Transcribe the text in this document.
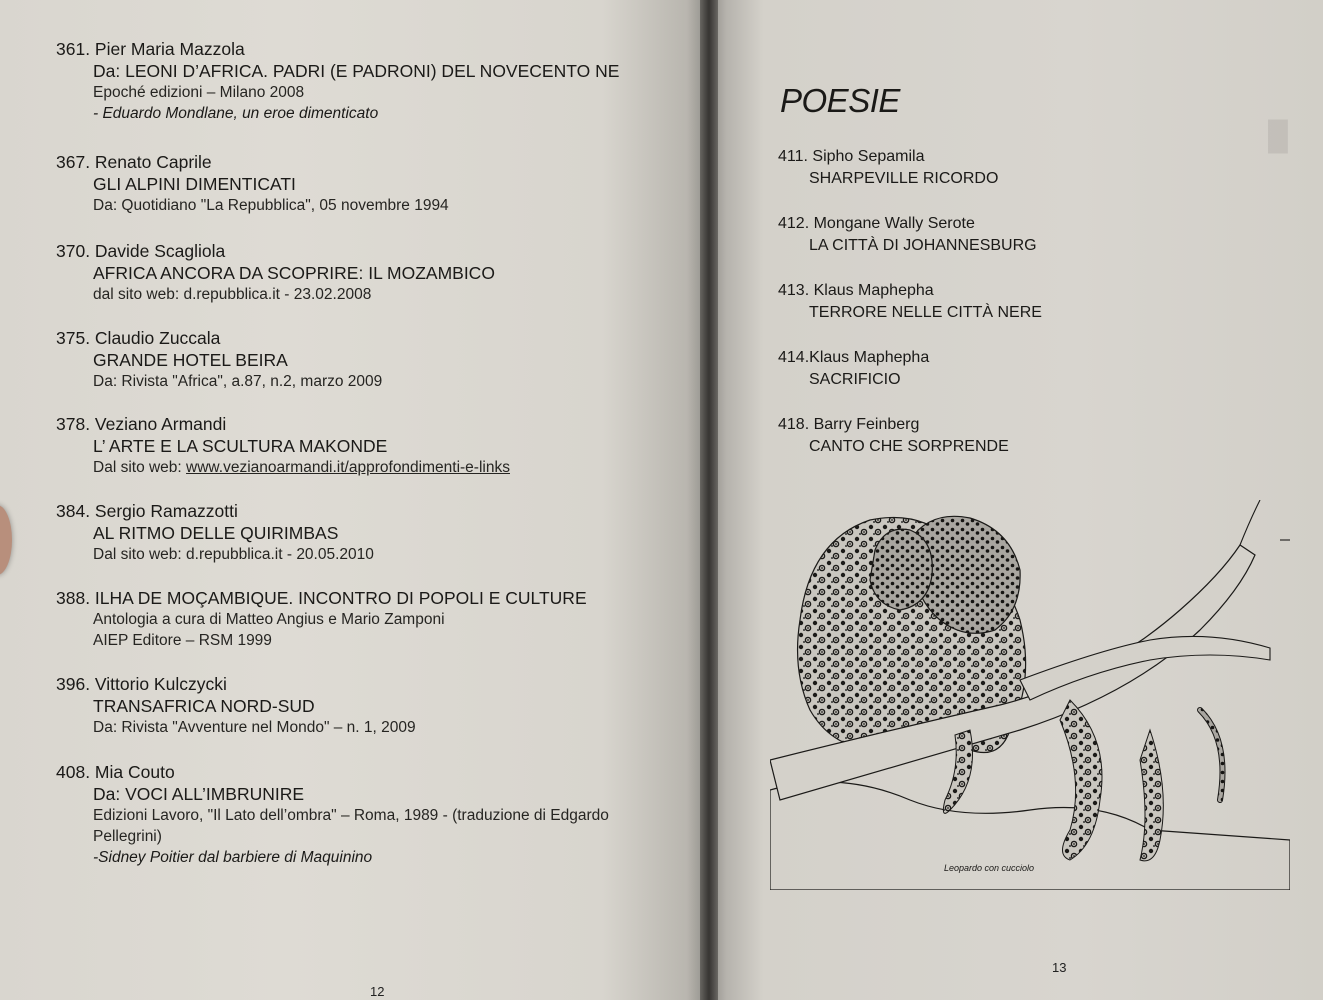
361. Pier Maria Mazzola
Da: LEONI D’AFRICA. PADRI (E PADRONI) DEL NOVECENTO NE
Epoché edizioni – Milano 2008
- Eduardo Mondlane, un eroe dimenticato
367. Renato Caprile
GLI ALPINI DIMENTICATI
Da: Quotidiano "La Repubblica", 05 novembre 1994
370. Davide Scagliola
AFRICA ANCORA DA SCOPRIRE: IL MOZAMBICO
dal sito web: d.repubblica.it - 23.02.2008
375. Claudio Zuccala
GRANDE HOTEL BEIRA
Da: Rivista "Africa", a.87, n.2, marzo 2009
378. Veziano Armandi
L’ ARTE E LA SCULTURA MAKONDE
Dal sito web: www.vezianoarmandi.it/approfondimenti-e-links
384. Sergio Ramazzotti
AL RITMO DELLE QUIRIMBAS
Dal sito web: d.repubblica.it - 20.05.2010
388. ILHA DE MOÇAMBIQUE. INCONTRO DI POPOLI E CULTURE
Antologia a cura di Matteo Angius e Mario Zamponi
AIEP Editore – RSM 1999
396. Vittorio Kulczycki
TRANSAFRICA NORD-SUD
Da: Rivista "Avventure nel Mondo" – n. 1, 2009
408. Mia Couto
Da: VOCI ALL’IMBRUNIRE
Edizioni Lavoro, "Il Lato dell’ombra" – Roma, 1989 - (traduzione di Edgardo
Pellegrini)
-Sidney Poitier dal barbiere di Maquinino
12
█
POESIE
411. Sipho Sepamila
SHARPEVILLE RICORDO
412. Mongane Wally Serote
LA CITTÀ DI JOHANNESBURG
413. Klaus Maphepha
TERRORE NELLE CITTÀ NERE
414.Klaus Maphepha
SACRIFICIO
418. Barry Feinberg
CANTO CHE SORPRENDE
Leopardo con cucciolo
13
